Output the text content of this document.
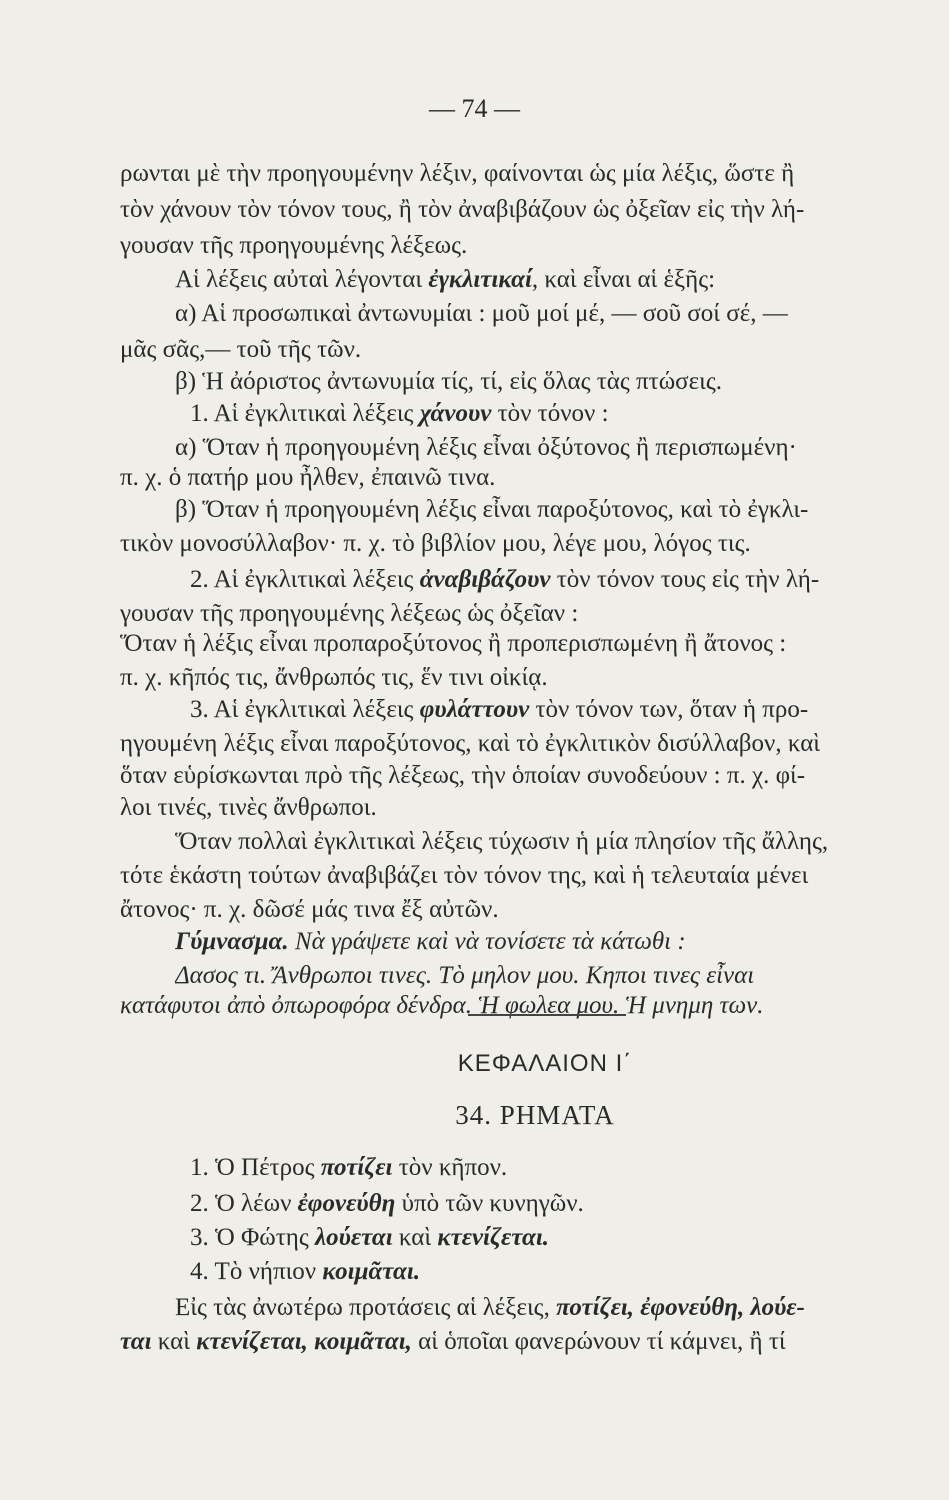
— 74 —
ρωνται μὲ τὴν προηγουμένην λέξιν, φαίνονται ὡς μία λέξις, ὥστε ἢ
τὸν χάνουν τὸν τόνον τους, ἢ τὸν ἀναβιβάζουν ὡς ὀξεῖαν εἰς τὴν λή-
γουσαν τῆς προηγουμένης λέξεως.
Αἱ λέξεις αὐταὶ λέγονται ἐγκλιτικαί, καὶ εἶναι αἱ ἑξῆς:
α) Αἱ προσωπικαὶ ἀντωνυμίαι : μοῦ μοί μέ, — σοῦ σοί σέ, —
μᾶς σᾶς,— τοῦ τῆς τῶν.
β) Ἡ ἀόριστος ἀντωνυμία τίς, τί, εἰς ὅλας τὰς πτώσεις.
1. Αἱ ἐγκλιτικαὶ λέξεις χάνουν τὸν τόνον :
α) Ὅταν ἡ προηγουμένη λέξις εἶναι ὀξύτονος ἢ περισπωμένη·
π. χ. ὁ πατήρ μου ἦλθεν, ἐπαινῶ τινα.
β) Ὅταν ἡ προηγουμένη λέξις εἶναι παροξύτονος, καὶ τὸ ἐγκλι-
τικὸν μονοσύλλαβον· π. χ. τὸ βιβλίον μου, λέγε μου, λόγος τις.
2. Αἱ ἐγκλιτικαὶ λέξεις ἀναβιβάζουν τὸν τόνον τους εἰς τὴν λή-
γουσαν τῆς προηγουμένης λέξεως ὡς ὀξεῖαν :
Ὅταν ἡ λέξις εἶναι προπαροξύτονος ἢ προπερισπωμένη ἢ ἄτονος :
π. χ. κῆπός τις, ἄνθρωπός τις, ἕν τινι οἰκίᾳ.
3. Αἱ ἐγκλιτικαὶ λέξεις φυλάττουν τὸν τόνον των, ὅταν ἡ προ-
ηγουμένη λέξις εἶναι παροξύτονος, καὶ τὸ ἐγκλιτικὸν δισύλλαβον, καὶ
ὅταν εὑρίσκωνται πρὸ τῆς λέξεως, τὴν ὁποίαν συνοδεύουν : π. χ. φί-
λοι τινές, τινὲς ἄνθρωποι.
Ὅταν πολλαὶ ἐγκλιτικαὶ λέξεις τύχωσιν ἡ μία πλησίον τῆς ἄλλης,
τότε ἑκάστη τούτων ἀναβιβάζει τὸν τόνον της, καὶ ἡ τελευταία μένει
ἄτονος· π. χ. δῶσέ μάς τινα ἔξ αὐτῶν.
Γύμνασμα. Νὰ γράψετε καὶ νὰ τονίσετε τὰ κάτωθι :
Δασος τι. Ἄνθρωποι τινες. Τὸ μηλον μου. Κηποι τινες εἶναι
κατάφυτοι ἀπὸ ὀπωροφόρα δένδρα. Ἡ φωλεα μου. Ἡ μνημη των.
ΚΕΦΑΛΑΙΟΝ Ι΄
34. ΡΗΜΑΤΑ
1. Ὁ Πέτρος ποτίζει τὸν κῆπον.
2. Ὁ λέων ἐφονεύθη ὑπὸ τῶν κυνηγῶν.
3. Ὁ Φώτης λούεται καὶ κτενίζεται.
4. Τὸ νήπιον κοιμᾶται.
Εἰς τὰς ἀνωτέρω προτάσεις αἱ λέξεις, ποτίζει, ἐφονεύθη, λούε-
ται καὶ κτενίζεται, κοιμᾶται, αἱ ὁποῖαι φανερώνουν τί κάμνει, ἢ τί
